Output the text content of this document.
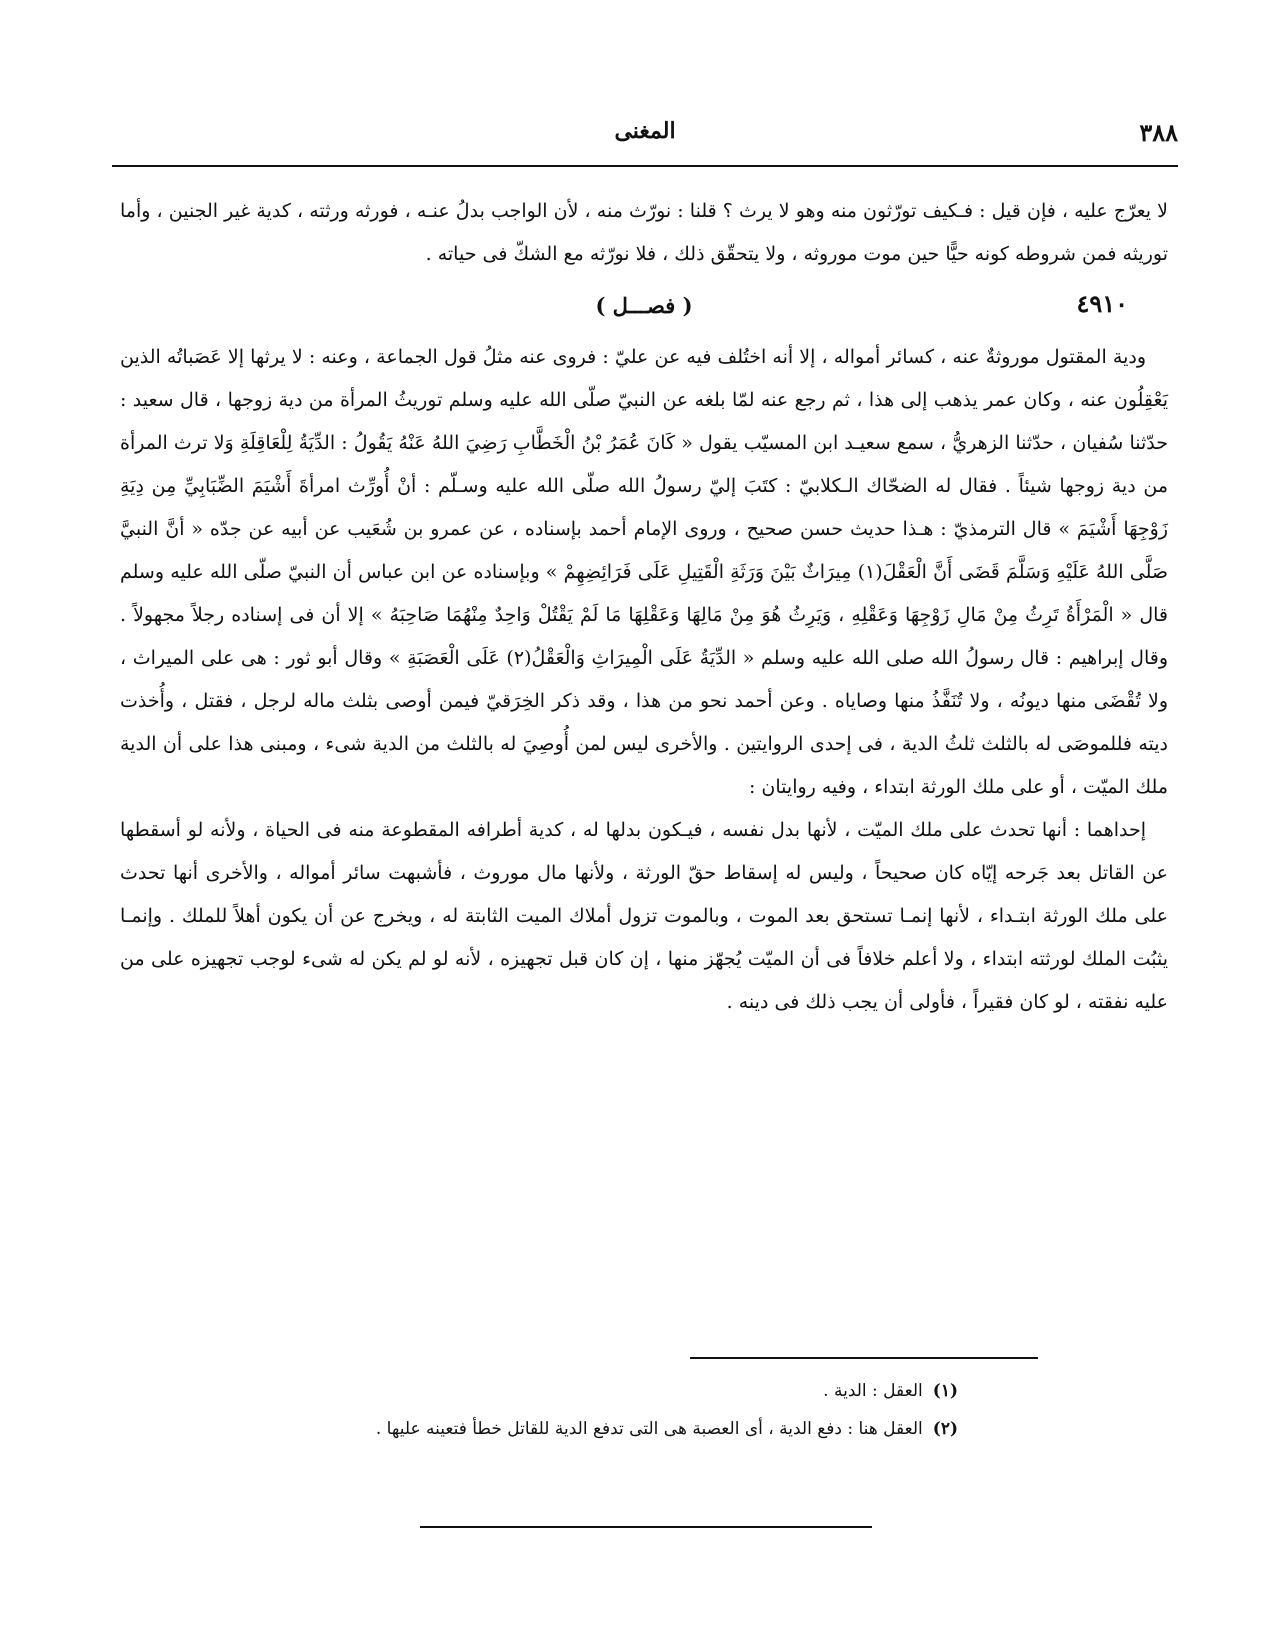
٣٨٨
المغنى

لا يعرّج عليه ، فإن قيل : فـكيف تورّثون منه وهو لا يرث ؟ قلنا : نورّث منه ، لأن الواجب بدلُ عنـه ، فورثه ورثته ، كدية غير الجنين ، وأما توريثه فمن شروطه كونه حيًّا حين موت موروثه ، ولا يتحقّق ذلك ، فلا نورّثه مع الشكّ فى حياته .

٤٩١٠
( فصـــل )

ودية المقتول موروثةٌ عنه ، كسائر أمواله ، إلا أنه اختُلف فيه عن عليّ : فروى عنه مثلُ قول الجماعة ، وعنه : لا يرثها إلا عَصَباتُه الذين يَعْقِلُون عنه ، وكان عمر يذهب إلى هذا ، ثم رجع عنه لمّا بلغه عن النبيّ صلّى الله عليه وسلم توريثُ المرأة من دية زوجها ، قال سعيد : حدّثنا سُفيان ، حدّثنا الزهريُّ ، سمع سعيـد ابن المسيّب يقول « كَانَ عُمَرُ بْنُ الْخَطَّابِ رَضِيَ اللهُ عَنْهُ يَقُولُ : الدِّيَةُ لِلْعَاقِلَةِ وَلا ترث المرأة من دية زوجها شيئاً . فقال له الضحّاك الـكلابيّ : كتَبَ إليّ رسولُ الله صلّى الله عليه وسـلّم : أنْ أُورِّث امرأةَ أَشْيَمَ الضِّبَابِيِّ مِن دِيَةِ زَوْجِهَا أَشْيَمَ » قال الترمذيّ : هـذا حديث حسن صحيح ، وروى الإمام أحمد بإسناده ، عن عمرو بن شُعَيب عن أبيه عن جدّه « أنَّ النبيَّ صَلَّى اللهُ عَلَيْهِ وَسَلَّمَ قَضَى أَنَّ الْعَقْلَ(١) مِيرَاثٌ بَيْنَ وَرَثَةِ الْقَتِيلِ عَلَى فَرَائِضِهِمْ » وبإسناده عن ابن عباس أن النبيّ صلّى الله عليه وسلم قال « الْمَرْأَةُ تَرِثُ مِنْ مَالِ زَوْجِهَا وَعَقْلِهِ ، وَيَرِثُ هُوَ مِنْ مَالِهَا وَعَقْلِهَا مَا لَمْ يَقْتُلْ وَاحِدٌ مِنْهُمَا صَاحِبَهُ » إلا أن فى إسناده رجلاً مجهولاً . وقال إبراهيم : قال رسولُ الله صلى الله عليه وسلم « الدِّيَةُ عَلَى الْمِيرَاثِ وَالْعَقْلُ(٢) عَلَى الْعَصَبَةِ » وقال أبو ثور : هى على الميراث ، ولا تُقْضَى منها ديونُه ، ولا تُنَفَّذُ منها وصاياه . وعن أحمد نحو من هذا ، وقد ذكر الخِرَقيّ فيمن أوصى بثلث ماله لرجل ، فقتل ، وأُخذت ديته فللموصَى له بالثلث ثلثُ الدية ، فى إحدى الروايتين . والأخرى ليس لمن أُوصِيَ له بالثلث من الدية شىء ، ومبنى هذا على أن الدية ملك الميّت ، أو على ملك الورثة ابتداء ، وفيه روايتان :

إحداهما : أنها تحدث على ملك الميّت ، لأنها بدل نفسه ، فيـكون بدلها له ، كدية أطرافه المقطوعة منه فى الحياة ، ولأنه لو أسقطها عن القاتل بعد جَرحه إيّاه كان صحيحاً ، وليس له إسقاط حقّ الورثة ، ولأنها مال موروث ، فأشبهت سائر أمواله ، والأخرى أنها تحدث على ملك الورثة ابتـداء ، لأنها إنمـا تستحق بعد الموت ، وبالموت تزول أملاك الميت الثابتة له ، ويخرج عن أن يكون أهلاً للملك . وإنمـا يثبُت الملك لورثته ابتداء ، ولا أعلم خلافاً فى أن الميّت يُجهّز منها ، إن كان قبل تجهيزه ، لأنه لو لم يكن له شىء لوجب تجهيزه على من عليه نفقته ، لو كان فقيراً ، فأولى أن يجب ذلك فى دينه .

(١)العقل : الدية .

(٢)العقل هنا : دفع الدية ، أى العصبة هى التى تدفع الدية للقاتل خطأ فتعينه عليها .
